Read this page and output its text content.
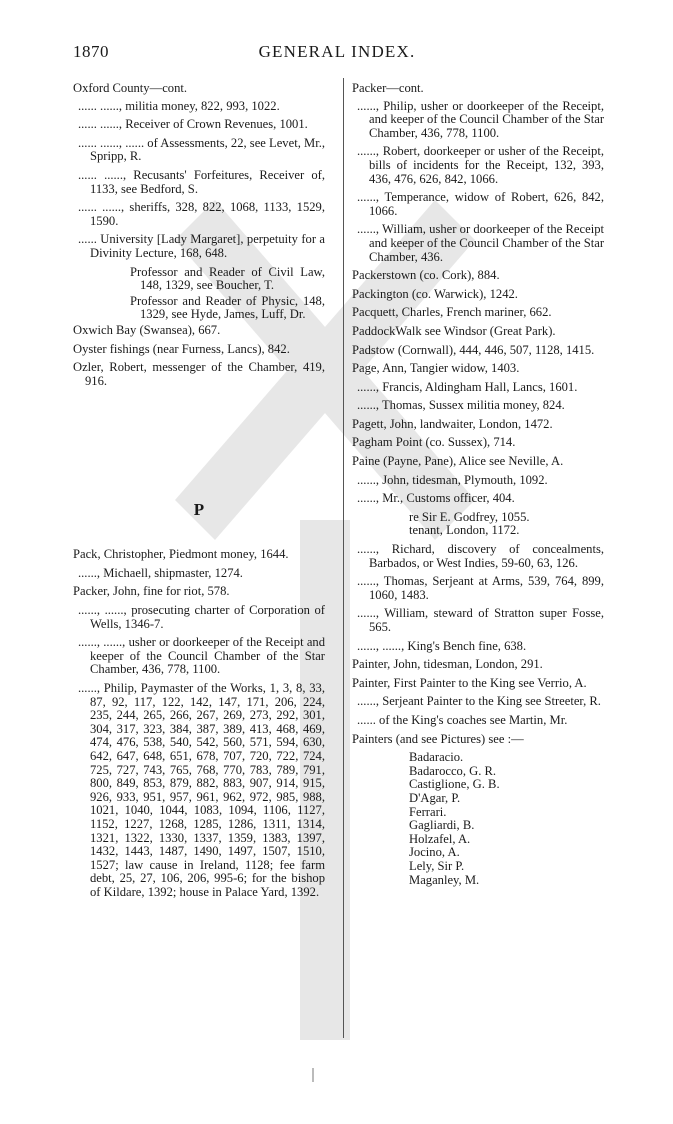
1870	GENERAL INDEX.
Oxford County—cont.

...... ......, militia money, 822, 993, 1022.

...... ......, Receiver of Crown Revenues, 1001.

...... ......, ...... of Assessments, 22, see Levet, Mr., Spripp, R.

...... ......, Recusants' Forfeitures, Receiver of, 1133, see Bedford, S.

...... ......, sheriffs, 328, 822, 1068, 1133, 1529, 1590.

...... University [Lady Margaret], perpetuity for a Divinity Lecture, 168, 648.

Professor and Reader of Civil Law, 148, 1329, see Boucher, T.

Professor and Reader of Physic, 148, 1329, see Hyde, James, Luff, Dr.

Oxwich Bay (Swansea), 667.

Oyster fishings (near Furness, Lancs), 842.

Ozler, Robert, messenger of the Chamber, 419, 916.

P

Pack, Christopher, Piedmont money, 1644.

......, Michaell, shipmaster, 1274.

Packer, John, fine for riot, 578.

......, ......, prosecuting charter of Corporation of Wells, 1346-7.

......, ......, usher or doorkeeper of the Receipt and keeper of the Council Chamber of the Star Chamber, 436, 778, 1100.

......, Philip, Paymaster of the Works, 1, 3, 8, 33, 87, 92, 117, 122, 142, 147, 171, 206, 224, 235, 244, 265, 266, 267, 269, 273, 292, 301, 304, 317, 323, 384, 387, 389, 413, 468, 469, 474, 476, 538, 540, 542, 560, 571, 594, 630, 642, 647, 648, 651, 678, 707, 720, 722, 724, 725, 727, 743, 765, 768, 770, 783, 789, 791, 800, 849, 853, 879, 882, 883, 907, 914, 915, 926, 933, 951, 957, 961, 962, 972, 985, 988, 1021, 1040, 1044, 1083, 1094, 1106, 1127, 1152, 1227, 1268, 1285, 1286, 1311, 1314, 1321, 1322, 1330, 1337, 1359, 1383, 1397, 1432, 1443, 1487, 1490, 1497, 1507, 1510, 1527; law cause in Ireland, 1128; fee farm debt, 25, 27, 106, 206, 995-6; for the bishop of Kildare, 1392; house in Palace Yard, 1392.

Packer—cont.

......, Philip, usher or doorkeeper of the Receipt, and keeper of the Council Chamber of the Star Chamber, 436, 778, 1100.

......, Robert, doorkeeper or usher of the Receipt, bills of incidents for the Receipt, 132, 393, 436, 476, 626, 842, 1066.

......, Temperance, widow of Robert, 626, 842, 1066.

......, William, usher or doorkeeper of the Receipt and keeper of the Council Chamber of the Star Chamber, 436.

Packerstown (co. Cork), 884.

Packington (co. Warwick), 1242.

Pacquett, Charles, French mariner, 662.

PaddockWalk see Windsor (Great Park).

Padstow (Cornwall), 444, 446, 507, 1128, 1415.

Page, Ann, Tangier widow, 1403.

......, Francis, Aldingham Hall, Lancs, 1601.

......, Thomas, Sussex militia money, 824.

Pagett, John, landwaiter, London, 1472.

Pagham Point (co. Sussex), 714.

Paine (Payne, Pane), Alice see Neville, A.

......, John, tidesman, Plymouth, 1092.

......, Mr., Customs officer, 404.

re Sir E. Godfrey, 1055.

tenant, London, 1172.

......, Richard, discovery of concealments, Barbados, or West Indies, 59-60, 63, 126.

......, Thomas, Serjeant at Arms, 539, 764, 899, 1060, 1483.

......, William, steward of Stratton super Fosse, 565.

......, ......, King's Bench fine, 638.

Painter, John, tidesman, London, 291.

Painter, First Painter to the King see Verrio, A.

......, Serjeant Painter to the King see Streeter, R.

...... of the King's coaches see Martin, Mr.

Painters (and see Pictures) see :—

Badaracio.

Badarocco, G. R.

Castiglione, G. B.

D'Agar, P.

Ferrari.

Gagliardi, B.

Holzafel, A.

Jocino, A.

Lely, Sir P.

Maganley, M.
